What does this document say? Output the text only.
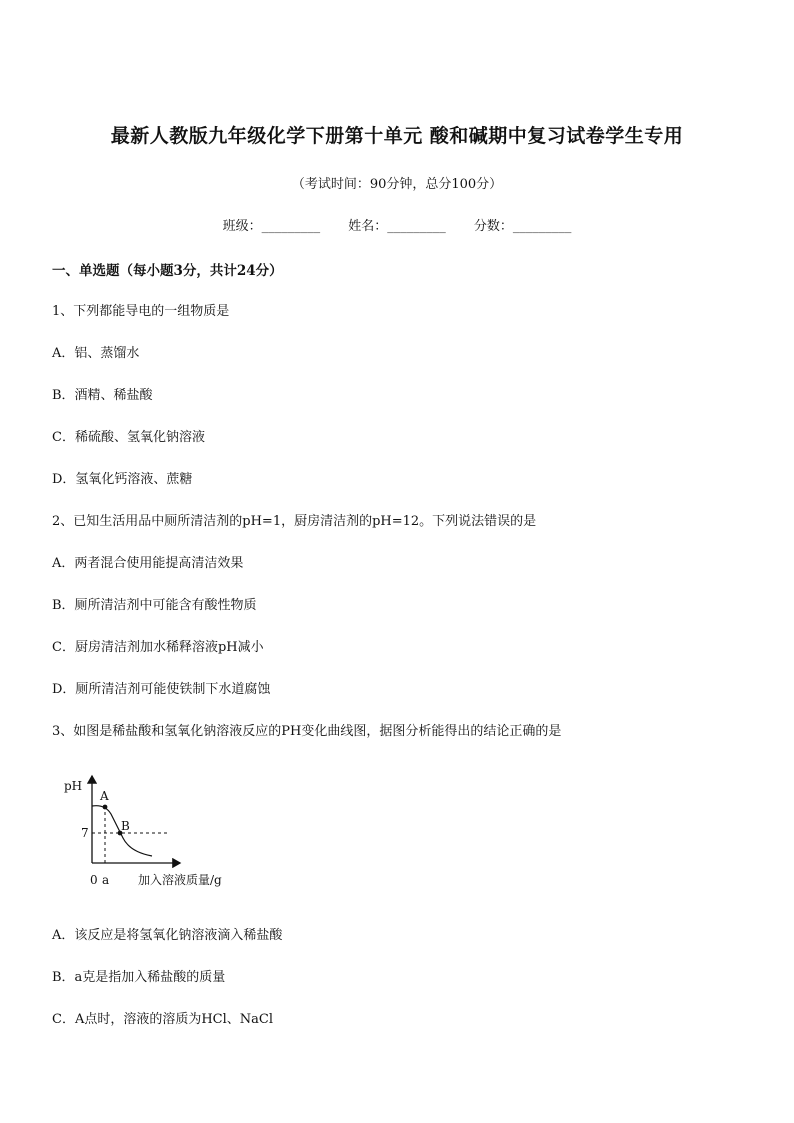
最新人教版九年级化学下册第十单元 酸和碱期中复习试卷学生专用
（考试时间：90分钟，总分100分）
班级：_________ 姓名：_________ 分数：_________
一、单选题（每小题3分，共计24分）
1、下列都能导电的一组物质是
A．铝、蒸馏水
B．酒精、稀盐酸
C．稀硫酸、氢氧化钠溶液
D．氢氧化钙溶液、蔗糖
2、已知生活用品中厕所清洁剂的pH=1，厨房清洁剂的pH=12。下列说法错误的是
A．两者混合使用能提高清洁效果
B．厕所清洁剂中可能含有酸性物质
C．厨房清洁剂加水稀释溶液pH减小
D．厕所清洁剂可能使铁制下水道腐蚀
3、如图是稀盐酸和氢氧化钠溶液反应的PH变化曲线图，据图分析能得出的结论正确的是
pH
7
A
B
0 a 加入溶液质量/g
A．该反应是将氢氧化钠溶液滴入稀盐酸
B．a克是指加入稀盐酸的质量
C．A点时，溶液的溶质为HCl、NaCl
